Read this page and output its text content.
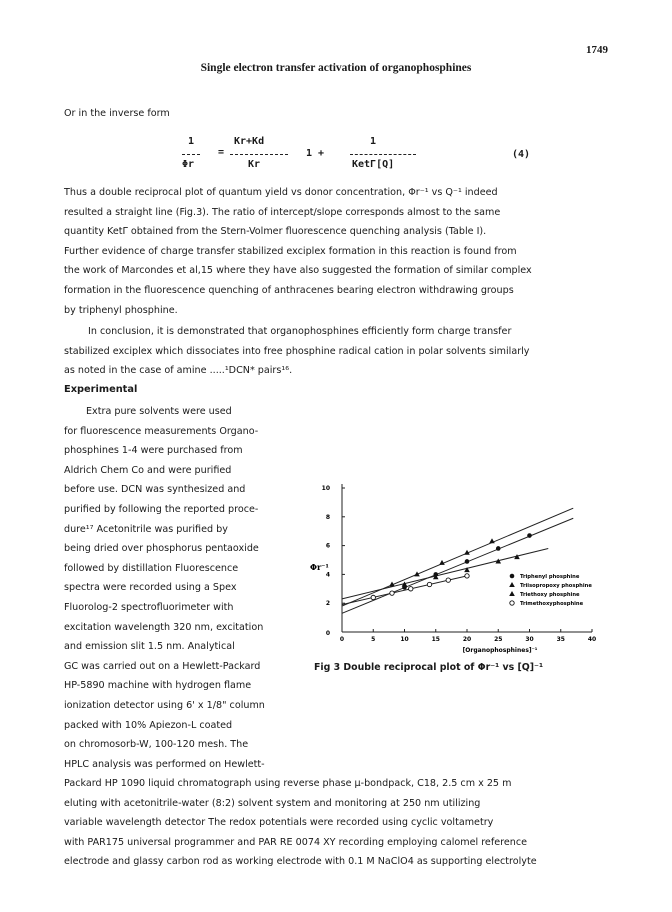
1749
Single electron transfer activation of organophosphines
Or in the inverse form
1
Φr
=
Kr+Kd
Kr
1 +
1
KetΓ[Q]
(4)
Thus a double reciprocal plot of quantum yield vs donor concentration, Φr⁻¹ vs Q⁻¹ indeed
resulted a straight line (Fig.3). The ratio of intercept/slope corresponds almost to the same
quantity KetΓ obtained from the Stern-Volmer fluorescence quenching analysis (Table I).
Further evidence of charge transfer stabilized exciplex formation in this reaction is found from
the work of Marcondes et al,15 where they have also suggested the formation of similar complex
formation in the fluorescence quenching of anthracenes bearing electron withdrawing groups
by triphenyl phosphine.
In conclusion, it is demonstrated that organophosphines efficiently form charge transfer
stabilized exciplex which dissociates into free phosphine radical cation in polar solvents similarly
as noted in the case of amine .....¹DCN* pairs¹⁶.
Experimental
Extra pure solvents were used
for fluorescence measurements Organo-
phosphines 1-4 were purchased from
Aldrich Chem Co and were purified
before use. DCN was synthesized and
purified by following the reported proce-
dure¹⁷ Acetonitrile was purified by
being dried over phosphorus pentaoxide
followed by distillation Fluorescence
spectra were recorded using a Spex
Fluorolog-2 spectrofluorimeter with
excitation wavelength 320 nm, excitation
and emission slit 1.5 nm. Analytical
GC was carried out on a Hewlett-Packard
HP-5890 machine with hydrogen flame
ionization detector using 6' x 1/8" column
packed with 10% Apiezon-L coated
on chromosorb-W, 100-120 mesh. The
HPLC analysis was performed on Hewlett-
Packard HP 1090 liquid chromatograph using reverse phase μ-bondpack, C18, 2.5 cm x 25 m
eluting with acetonitrile-water (8:2) solvent system and monitoring at 250 nm utilizing
variable wavelength detector The redox potentials were recorded using cyclic voltametry
with PAR175 universal programmer and PAR RE 0074 XY recording employing calomel reference
electrode and glassy carbon rod as working electrode with 0.1 M NaClO4 as supporting electrolyte
0	5	10	15	20	25	30	35	40
2
4
6
8
10
0
Φr⁻¹
[Organophosphines]⁻¹
Triphenyl phosphine
Triisopropoxy phosphine
Triethoxy phosphine
Trimethoxyphosphine
Fig 3 Double reciprocal plot of Φr⁻¹ vs [Q]⁻¹
